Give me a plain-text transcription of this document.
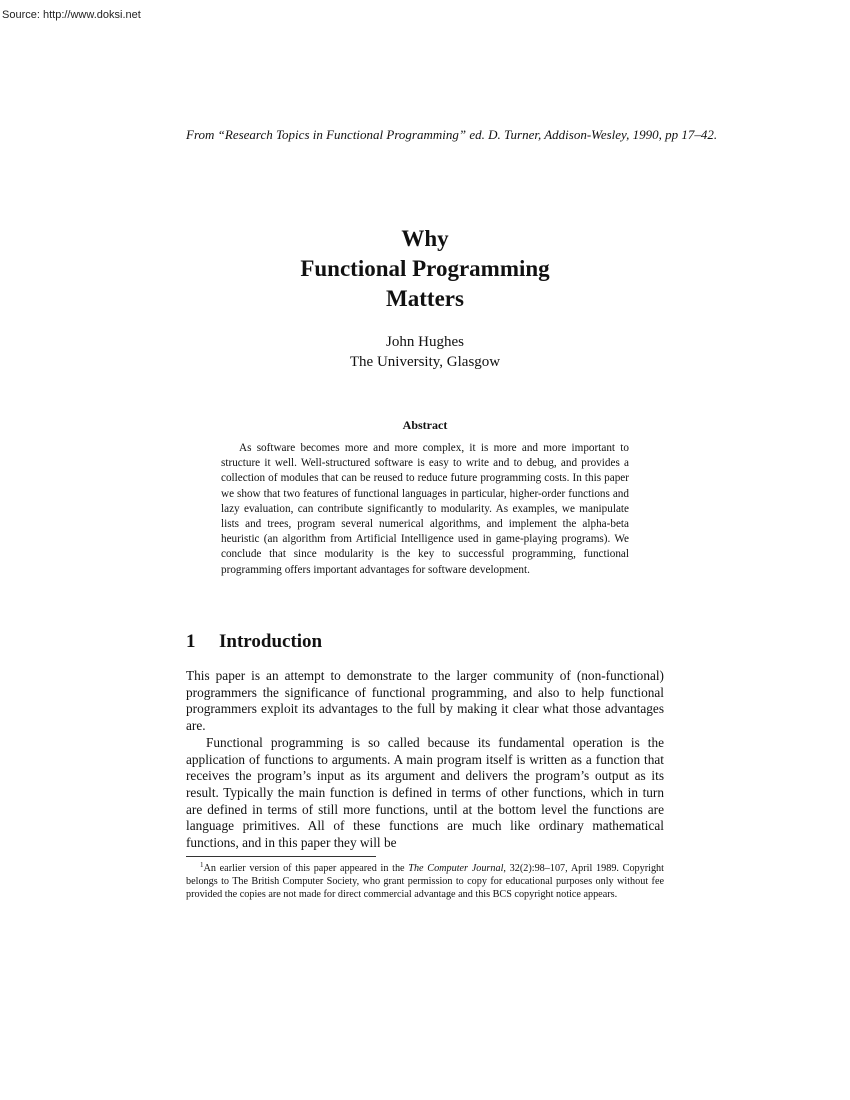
Source: http://www.doksi.net
From “Research Topics in Functional Programming” ed. D. Turner, Addison-Wesley, 1990, pp 17–42.
Why
Functional Programming
Matters
John Hughes
The University, Glasgow
Abstract
As software becomes more and more complex, it is more and more important to structure it well. Well-structured software is easy to write and to debug, and provides a collection of modules that can be reused to reduce future programming costs. In this paper we show that two features of functional languages in particular, higher-order functions and lazy evaluation, can contribute significantly to modularity. As examples, we manipulate lists and trees, program several numerical algorithms, and implement the alpha-beta heuristic (an algorithm from Artificial Intelligence used in game-playing programs). We conclude that since modularity is the key to successful programming, functional programming offers important advantages for software development.
1 Introduction

This paper is an attempt to demonstrate to the larger community of (non-functional) programmers the significance of functional programming, and also to help functional programmers exploit its advantages to the full by making it clear what those advantages are.

Functional programming is so called because its fundamental operation is the application of functions to arguments. A main program itself is written as a function that receives the program’s input as its argument and delivers the program’s output as its result. Typically the main function is defined in terms of other functions, which in turn are defined in terms of still more functions, until at the bottom level the functions are language primitives. All of these functions are much like ordinary mathematical functions, and in this paper they will be

$^1$An earlier version of this paper appeared in the The Computer Journal, 32(2):98–107, April 1989. Copyright belongs to The British Computer Society, who grant permission to copy for educational purposes only without fee provided the copies are not made for direct commercial advantage and this BCS copyright notice appears.
